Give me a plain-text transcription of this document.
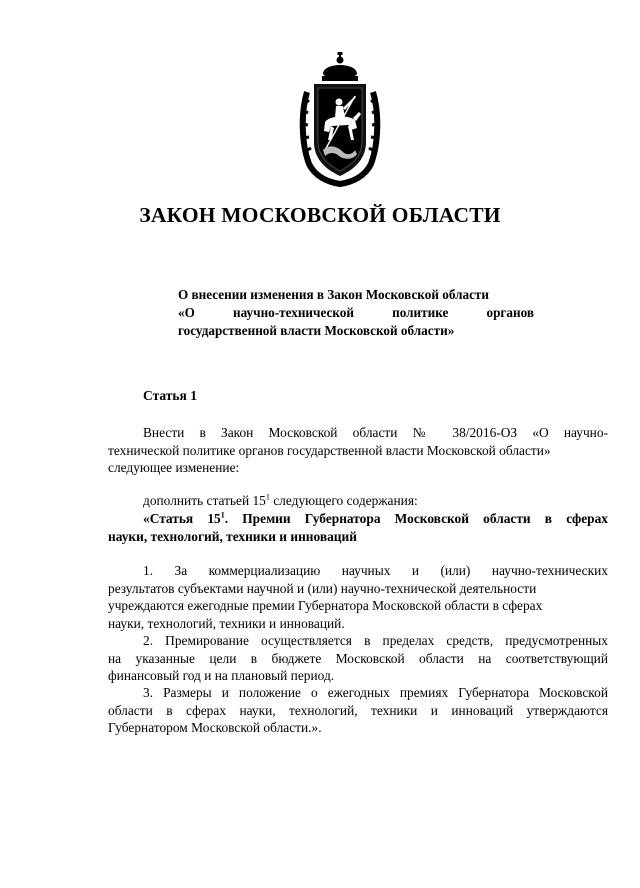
ЗАКОН МОСКОВСКОЙ ОБЛАСТИ
О внесении изменения в Закон Московской области
«О научно-технической политике органов
государственной власти Московской области»
Статья 1
Внести в Закон Московской области № 38/2016-ОЗ «О научно-
технической политике органов государственной власти Московской области»
следующее изменение:
дополнить статьей $15^1$ следующего содержания:
«Статья $15^1$. Премии Губернатора Московской области в сферах
науки, технологий, техники и инноваций
1. За коммерциализацию научных и (или) научно-технических
результатов субъектами научной и (или) научно-технической деятельности
учреждаются ежегодные премии Губернатора Московской области в сферах
науки, технологий, техники и инноваций.
2. Премирование осуществляется в пределах средств, предусмотренных
на указанные цели в бюджете Московской области на соответствующий
финансовый год и на плановый период.
3. Размеры и положение о ежегодных премиях Губернатора Московской
области в сферах науки, технологий, техники и инноваций утверждаются
Губернатором Московской области.».
